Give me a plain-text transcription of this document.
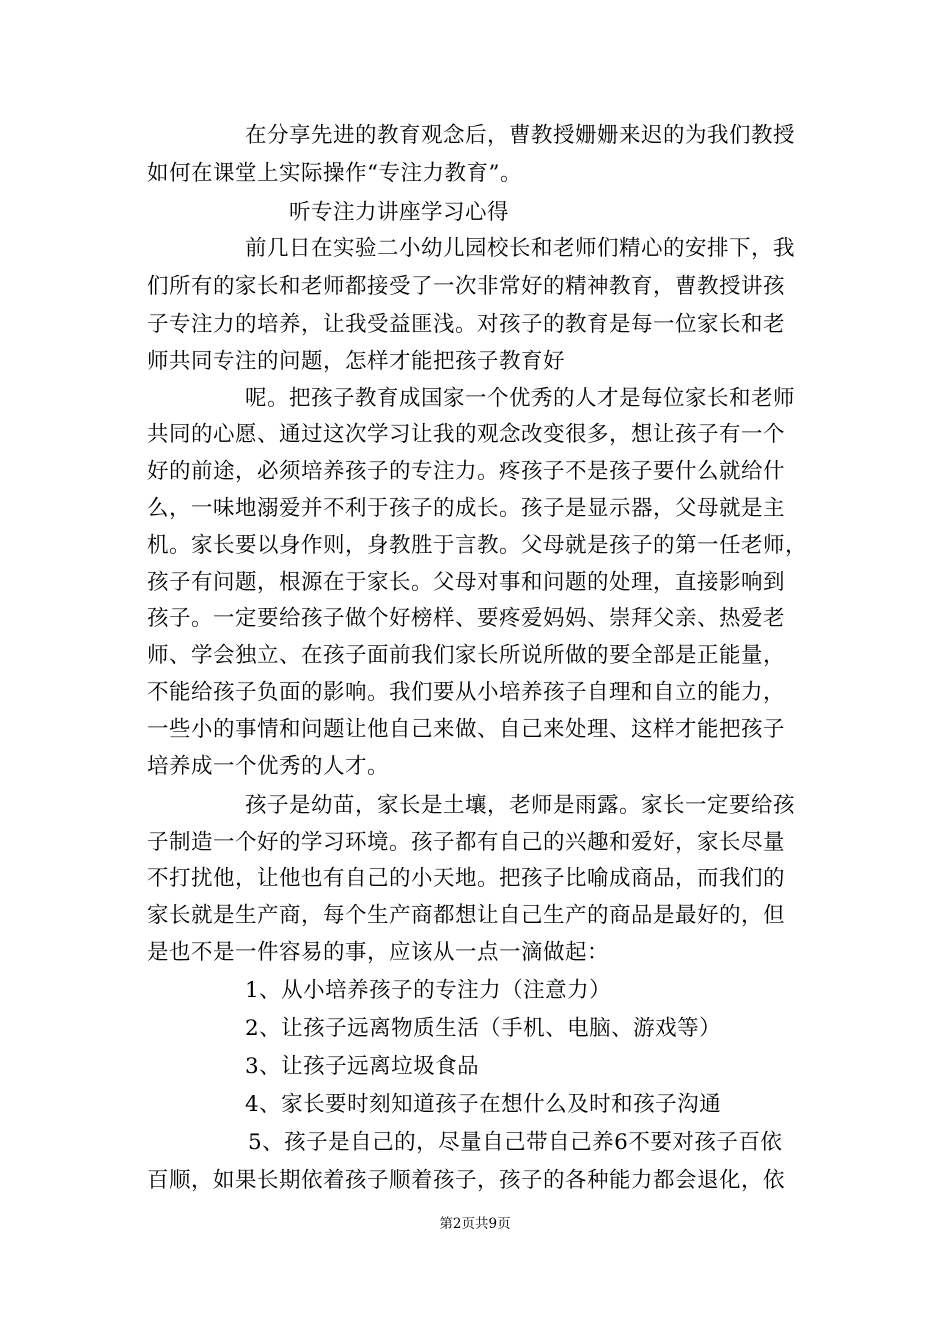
在分享先进的教育观念后，曹教授姗姗来迟的为我们教授
如何在课堂上实际操作“专注力教育”。
听专注力讲座学习心得
前几日在实验二小幼儿园校长和老师们精心的安排下，我
们所有的家长和老师都接受了一次非常好的精神教育，曹教授讲孩
子专注力的培养，让我受益匪浅。对孩子的教育是每一位家长和老
师共同专注的问题，怎样才能把孩子教育好
呢。把孩子教育成国家一个优秀的人才是每位家长和老师
共同的心愿、通过这次学习让我的观念改变很多，想让孩子有一个
好的前途，必须培养孩子的专注力。疼孩子不是孩子要什么就给什
么，一味地溺爱并不利于孩子的成长。孩子是显示器，父母就是主
机。家长要以身作则，身教胜于言教。父母就是孩子的第一任老师，
孩子有问题，根源在于家长。父母对事和问题的处理，直接影响到
孩子。一定要给孩子做个好榜样、要疼爱妈妈、崇拜父亲、热爱老
师、学会独立、在孩子面前我们家长所说所做的要全部是正能量，
不能给孩子负面的影响。我们要从小培养孩子自理和自立的能力，
一些小的事情和问题让他自己来做、自己来处理、这样才能把孩子
培养成一个优秀的人才。
孩子是幼苗，家长是土壤，老师是雨露。家长一定要给孩
子制造一个好的学习环境。孩子都有自己的兴趣和爱好，家长尽量
不打扰他，让他也有自己的小天地。把孩子比喻成商品，而我们的
家长就是生产商，每个生产商都想让自己生产的商品是最好的，但
是也不是一件容易的事，应该从一点一滴做起：
1、从小培养孩子的专注力（注意力）
2、让孩子远离物质生活（手机、电脑、游戏等）
3、让孩子远离垃圾食品
4、家长要时刻知道孩子在想什么及时和孩子沟通
5、孩子是自己的，尽量自己带自己养6不要对孩子百依
百顺，如果长期依着孩子顺着孩子，孩子的各种能力都会退化，依
第2页共9页
